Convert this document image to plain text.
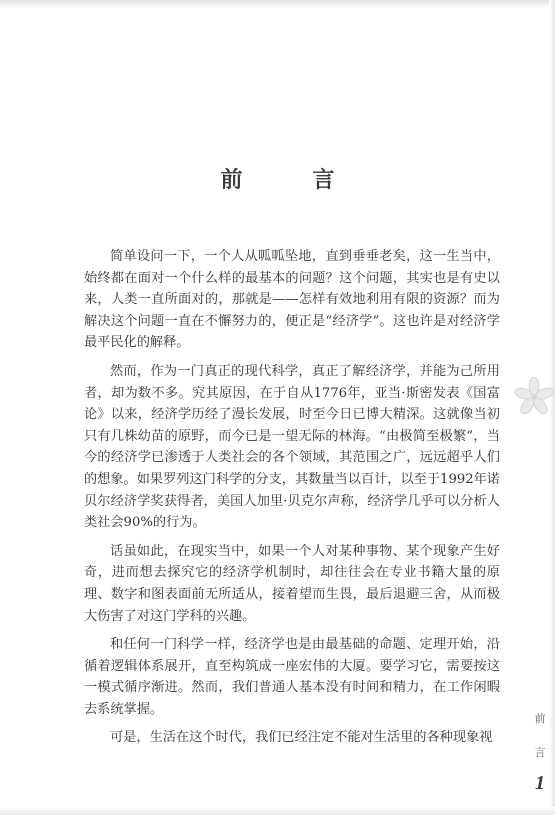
前　言

简单设问一下，一个人从呱呱坠地，直到垂垂老矣，这一生当中，始终都在面对一个什么样的最基本的问题？这个问题，其实也是有史以来，人类一直所面对的，那就是——怎样有效地利用有限的资源？而为解决这个问题一直在不懈努力的，便正是“经济学”。这也许是对经济学最平民化的解释。

然而，作为一门真正的现代科学，真正了解经济学，并能为己所用者，却为数不多。究其原因，在于自从1776年，亚当·斯密发表《国富论》以来，经济学历经了漫长发展，时至今日已博大精深。这就像当初只有几株幼苗的原野，而今已是一望无际的林海。“由极简至极繁”，当今的经济学已渗透于人类社会的各个领域，其范围之广，远远超乎人们的想象。如果罗列这门科学的分支，其数量当以百计，以至于1992年诺贝尔经济学奖获得者，美国人加里·贝克尔声称，经济学几乎可以分析人类社会90%的行为。

话虽如此，在现实当中，如果一个人对某种事物、某个现象产生好奇，进而想去探究它的经济学机制时，却往往会在专业书籍大量的原理、数字和图表面前无所适从，接着望而生畏，最后退避三舍，从而极大伤害了对这门学科的兴趣。

和任何一门科学一样，经济学也是由最基础的命题、定理开始，沿循着逻辑体系展开，直至构筑成一座宏伟的大厦。要学习它，需要按这一模式循序渐进。然而，我们普通人基本没有时间和精力，在工作闲暇去系统掌握。

可是，生活在这个时代，我们已经注定不能对生活里的各种现象视

前
言
1
